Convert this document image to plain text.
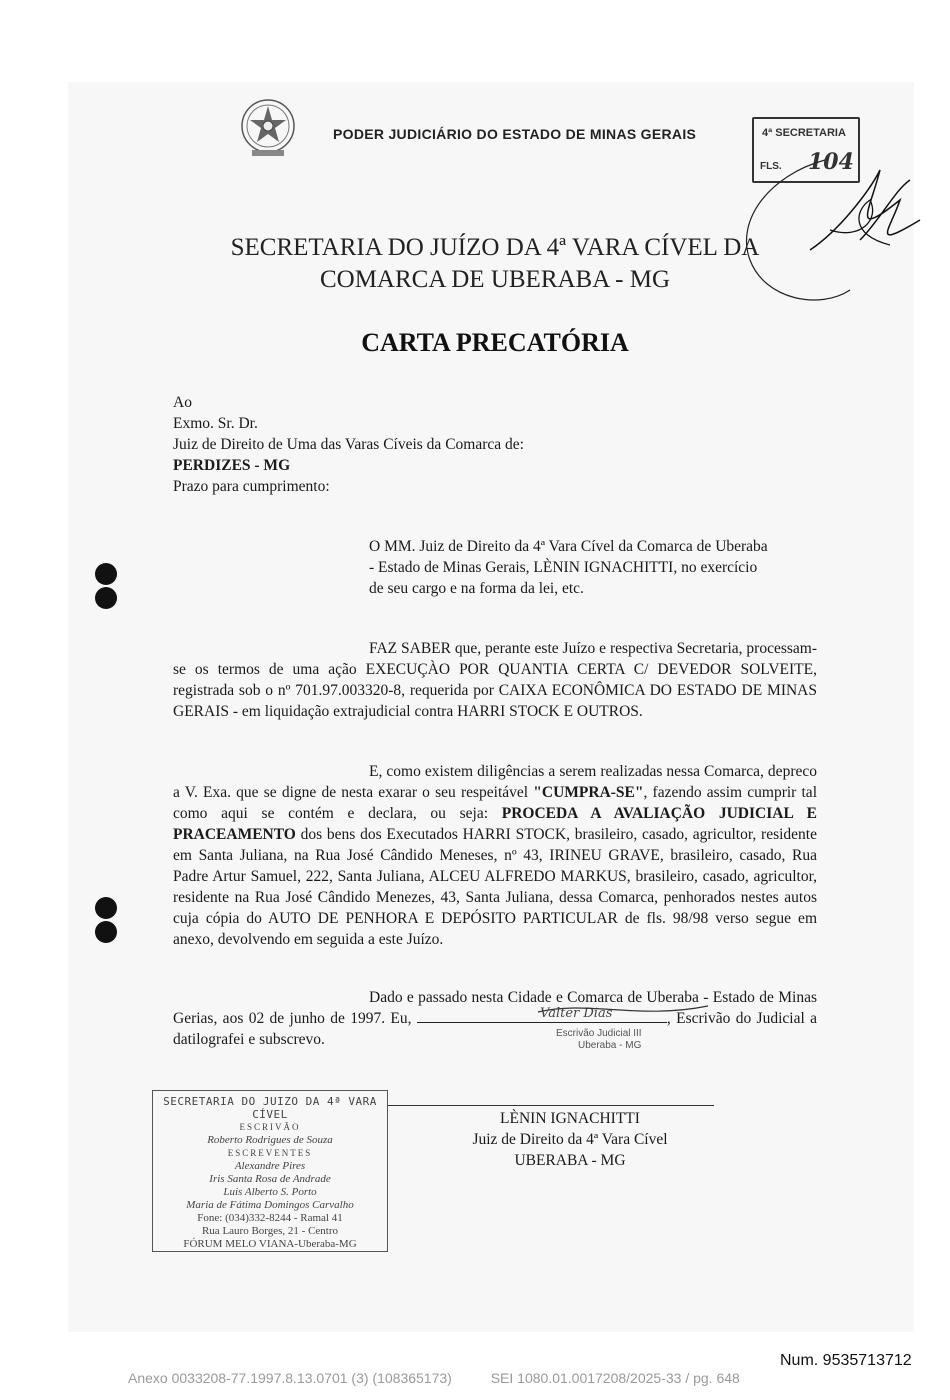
PODER JUDICIÁRIO DO ESTADO DE MINAS GERAIS	4ª SECRETARIA
FLS. 104
SECRETARIA DO JUÍZO DA 4ª VARA CÍVEL DA
COMARCA DE UBERABA - MG
CARTA PRECATÓRIA
Ao
Exmo. Sr. Dr.
Juiz de Direito de Uma das Varas Cíveis da Comarca de:
PERDIZES - MG
Prazo para cumprimento:
O MM. Juiz de Direito da 4ª Vara Cível da Comarca de Uberaba
- Estado de Minas Gerais, LÈNIN IGNACHITTI, no exercício
de seu cargo e na forma da lei, etc.
FAZ SABER que, perante este Juízo e respectiva Secretaria, processam-se os termos de uma ação EXECUÇÀO POR QUANTIA CERTA C/ DEVEDOR SOLVEITE, registrada sob o nº 701.97.003320-8, requerida por CAIXA ECONÔMICA DO ESTADO DE MINAS GERAIS - em liquidação extrajudicial contra HARRI STOCK E OUTROS.
E, como existem diligências a serem realizadas nessa Comarca, depreco a V. Exa. que se digne de nesta exarar o seu respeitável "CUMPRA-SE", fazendo assim cumprir tal como aqui se contém e declara, ou seja: PROCEDA A AVALIAÇÃO JUDICIAL E PRACEAMENTO dos bens dos Executados HARRI STOCK, brasileiro, casado, agricultor, residente em Santa Juliana, na Rua José Cândido Meneses, nº 43, IRINEU GRAVE, brasileiro, casado, Rua Padre Artur Samuel, 222, Santa Juliana, ALCEU ALFREDO MARKUS, brasileiro, casado, agricultor, residente na Rua José Cândido Menezes, 43, Santa Juliana, dessa Comarca, penhorados nestes autos cuja cópia do AUTO DE PENHORA E DEPÓSITO PARTICULAR de fls. 98/98 verso segue em anexo, devolvendo em seguida a este Juízo.
Dado e passado nesta Cidade e Comarca de Uberaba - Estado de Minas Gerias, aos 02 de junho de 1997. Eu,	, Escrivão do Judicial a datilografei e subscrevo.
Valter Dias
Escrivão Judicial III
Uberaba - MG
SECRETARIA DO JUIZO DA 4ª VARA CÍVEL
ESCRIVÃO
Roberto Rodrigues de Souza
ESCREVENTES
Alexandre Pires
Iris Santa Rosa de Andrade
Luis Alberto S. Porto
Maria de Fátima Domingos Carvalho
Fone: (034)332-8244 - Ramal 41
Rua Lauro Borges, 21 - Centro
FÓRUM MELO VIANA-Uberaba-MG
LÈNIN IGNACHITTI
Juiz de Direito da 4ª Vara Cível
UBERABA - MG
Num. 9535713712
Anexo 0033208-77.1997.8.13.0701 (3) (108365173)          SEI 1080.01.0017208/2025-33 / pg. 648
